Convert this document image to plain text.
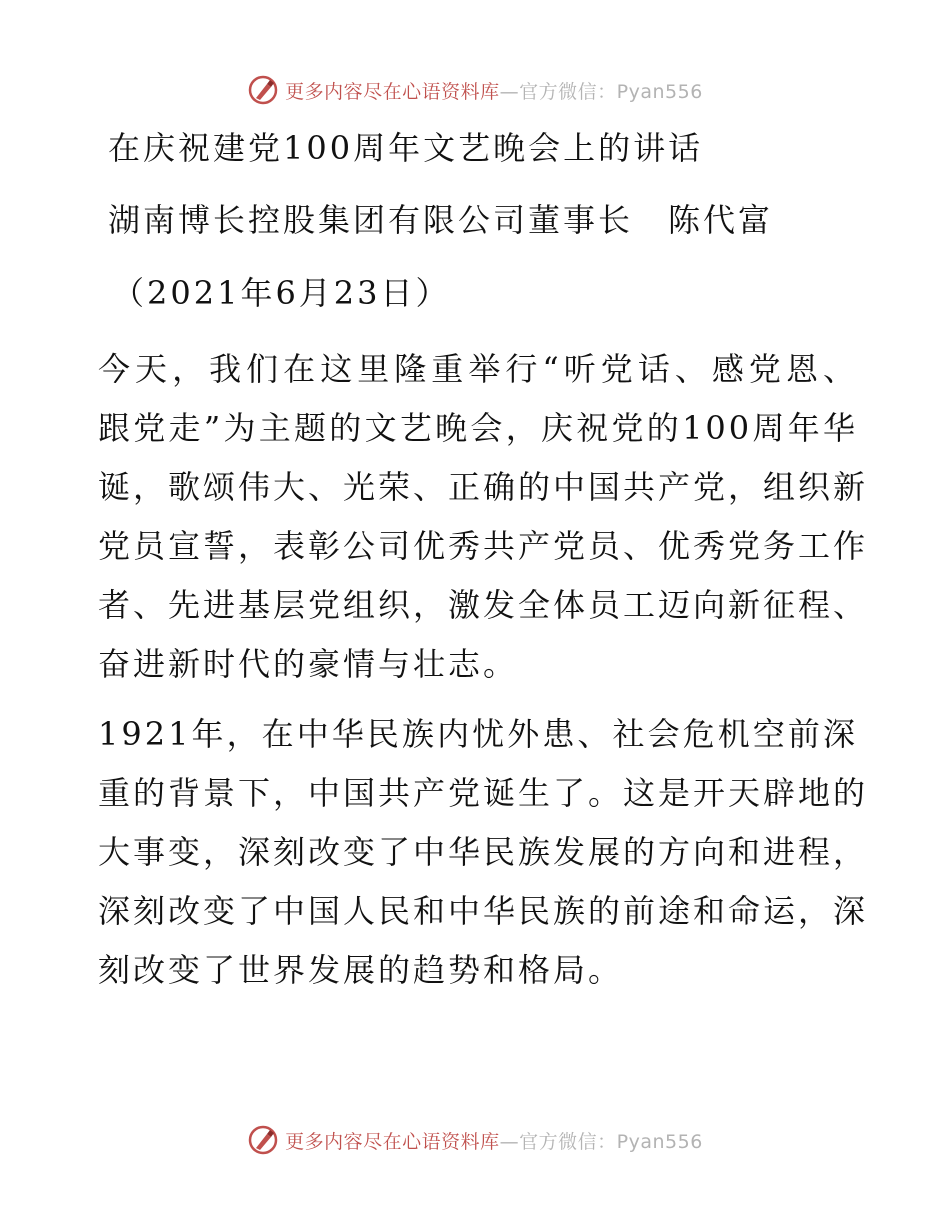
更多内容尽在心语资料库—官方微信：Pyan556
在庆祝建党100周年文艺晚会上的讲话
湖南博长控股集团有限公司董事长　陈代富
（2021年6月23日）
今天，我们在这里隆重举行“听党话、感党恩、
跟党走”为主题的文艺晚会，庆祝党的100周年华
诞，歌颂伟大、光荣、正确的中国共产党，组织新
党员宣誓，表彰公司优秀共产党员、优秀党务工作
者、先进基层党组织，激发全体员工迈向新征程、
奋进新时代的豪情与壮志。
1921年，在中华民族内忧外患、社会危机空前深
重的背景下，中国共产党诞生了。这是开天辟地的
大事变，深刻改变了中华民族发展的方向和进程，
深刻改变了中国人民和中华民族的前途和命运，深
刻改变了世界发展的趋势和格局。
更多内容尽在心语资料库—官方微信：Pyan556
